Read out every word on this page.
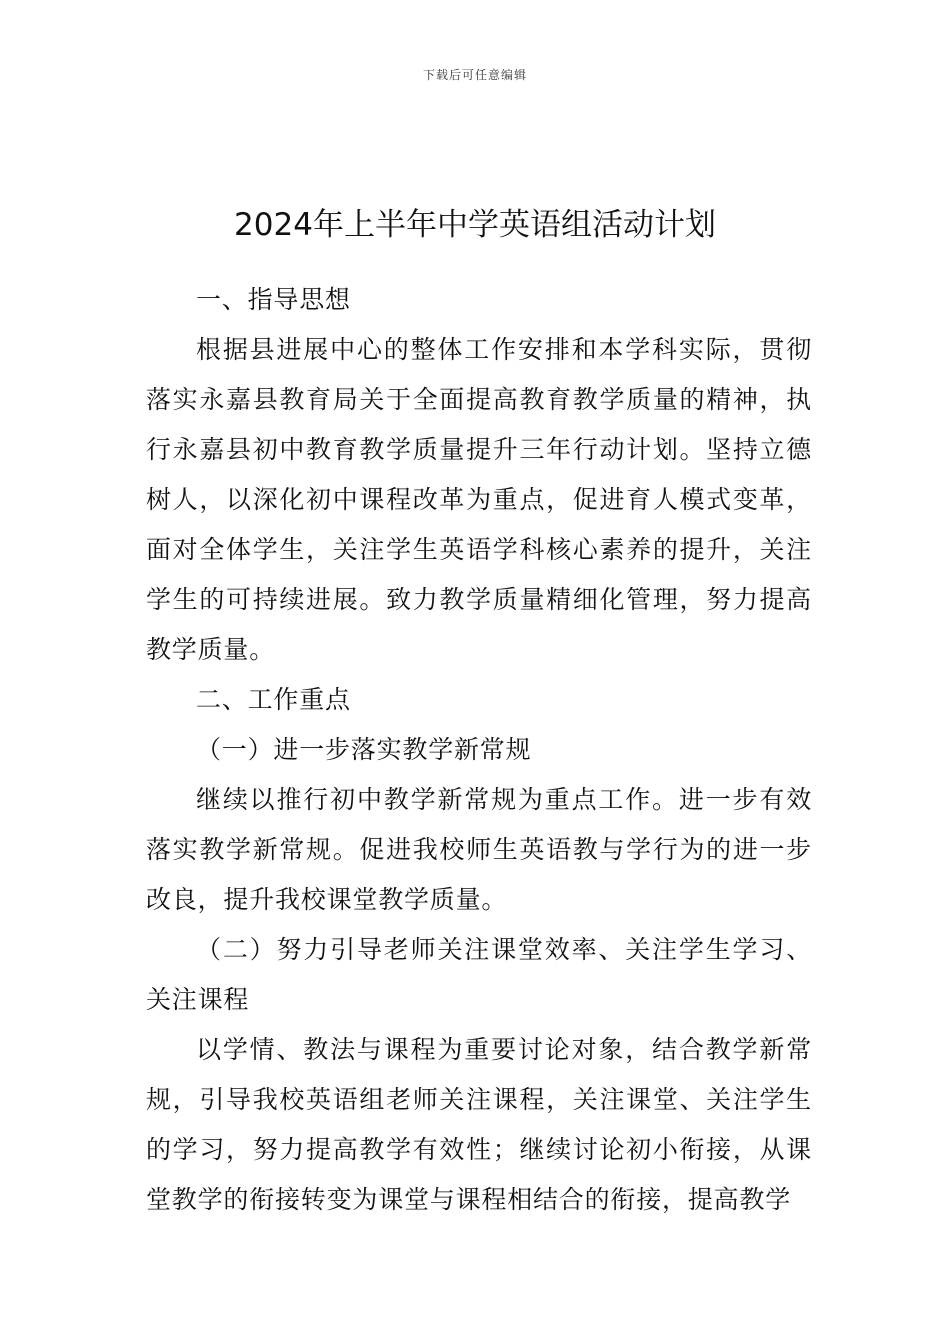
下载后可任意编辑
2024年上半年中学英语组活动计划

一、指导思想

根据县进展中心的整体工作安排和本学科实际，贯彻落实永嘉县教育局关于全面提高教育教学质量的精神，执行永嘉县初中教育教学质量提升三年行动计划。坚持立德树人，以深化初中课程改革为重点，促进育人模式变革，面对全体学生，关注学生英语学科核心素养的提升，关注学生的可持续进展。致力教学质量精细化管理，努力提高教学质量。

二、工作重点

（一）进一步落实教学新常规

继续以推行初中教学新常规为重点工作。进一步有效落实教学新常规。促进我校师生英语教与学行为的进一步改良，提升我校课堂教学质量。

（二）努力引导老师关注课堂效率、关注学生学习、关注课程

以学情、教法与课程为重要讨论对象，结合教学新常规，引导我校英语组老师关注课程，关注课堂、关注学生的学习，努力提高教学有效性；继续讨论初小衔接，从课堂教学的衔接转变为课堂与课程相结合的衔接，提高教学
